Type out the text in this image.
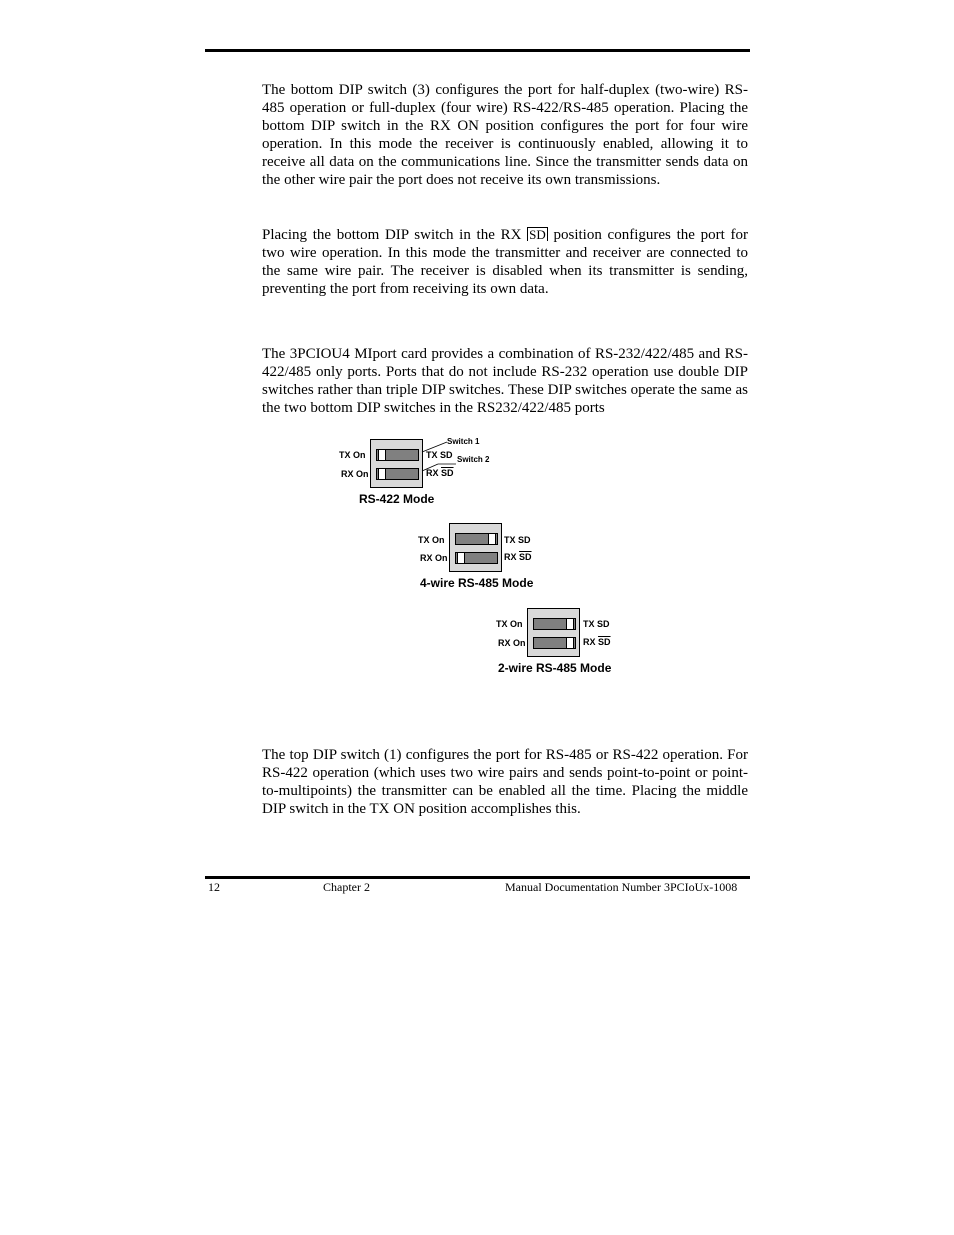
The bottom DIP switch (3) configures the port for half-duplex (two-wire) RS-485 operation or full-duplex (four wire) RS-422/RS-485 operation. Placing the bottom DIP switch in the RX ON position configures the port for four wire operation. In this mode the receiver is continuously enabled, allowing it to receive all data on the communications line. Since the transmitter sends data on the other wire pair the port does not receive its own transmissions.

Placing the bottom DIP switch in the RX SD position configures the port for two wire operation. In this mode the transmitter and receiver are connected to the same wire pair. The receiver is disabled when its transmitter is sending, preventing the port from receiving its own data.

The 3PCIOU4 MIport card provides a combination of RS-232/422/485 and RS-422/485 only ports. Ports that do not include RS-232 operation use double DIP switches rather than triple DIP switches. These DIP switches operate the same as the two bottom DIP switches in the RS232/422/485 ports

TX On
RX On
TX SD
RX $\overline{SD}$
Switch 1
Switch 2
RS-422 Mode
TX On
RX On
TX SD
RX $\overline{SD}$
4-wire RS-485 Mode
TX On
RX On
TX SD
RX $\overline{SD}$
2-wire RS-485 Mode

The top DIP switch (1) configures the port for RS-485 or RS-422 operation. For RS-422 operation (which uses two wire pairs and sends point-to-point or point-to-multipoints) the transmitter can be enabled all the time. Placing the middle DIP switch in the TX ON position accomplishes this.

12	Chapter 2	Manual Documentation Number 3PCIoUx-1008
